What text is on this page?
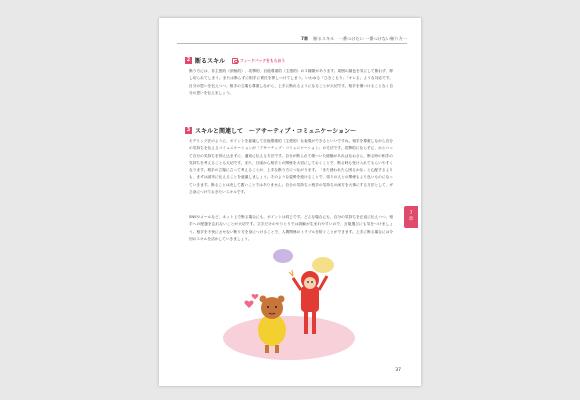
7章 断るスキル 一番つけたい 一番つけない断り方一
2 断るスキル	フィードバックをもらおう

断り方には、非主張的（消極的）、攻撃的、自他尊重的（主張的）の３種類があります。周囲の顔色を気にして断れず、押し切られてしまう。または断らずに相手に責任を押しつけてしまう。いわゆる「ひきこもり」「キレる」ような対応です。自分の思いを伝えつつ、相手の立場も尊重しながら、上手に断れるようになることが大切です。相手を傷つけることなく自分の思いを伝えましょう。

3 スキルと関連して　〜アサーティブ・コミュニケーション〜

モデリング法のように、ポイントを意識して自他尊重的（主張的）な表現ができるといいですね。相手を尊重しながら自分の気持ちを伝えるコミュニケーションが「アサーティブ・コミュニケーション」の方法です。攻撃的にならずに、かといって自分の気持ちを抑え込まずに、適切に伝える方法です。自分が断られて傷ついた経験があればなおさら、断る時の相手の気持ちを考えることも大切です。また、日頃から相手との関係を大切にしておくことで、断る時も受け入れてもらいやすくなります。相手の立場に立って考えることが、上手な断り方につながります。「また誘われたら困るかな」と心配するよりも、まずは誠実に伝えることを意識しましょう。そのような姿勢を続けることで、周りの人との関係もより良いものになっていきます。断ることは決して悪いことではありません。自分の気持ちと相手の気持ちの両方を大事にする方法として、ぜひ身につけておきたいスキルです。

SNSやメールなど、ネット上で断る場合にも、ポイントは同じです。どんな場合にも、自分の気持ちを正直に伝えつつ、相手への配慮を忘れないことが大切です。文字だけのやりとりでは誤解が生まれやすいので、言葉選びにも気をつけましょう。相手を不快にさせない断り方を身につけることで、人間関係のトラブルを防ぐことができます。上手に断る場合には今回のスキルを活かしていきましょう。

7
章
37
